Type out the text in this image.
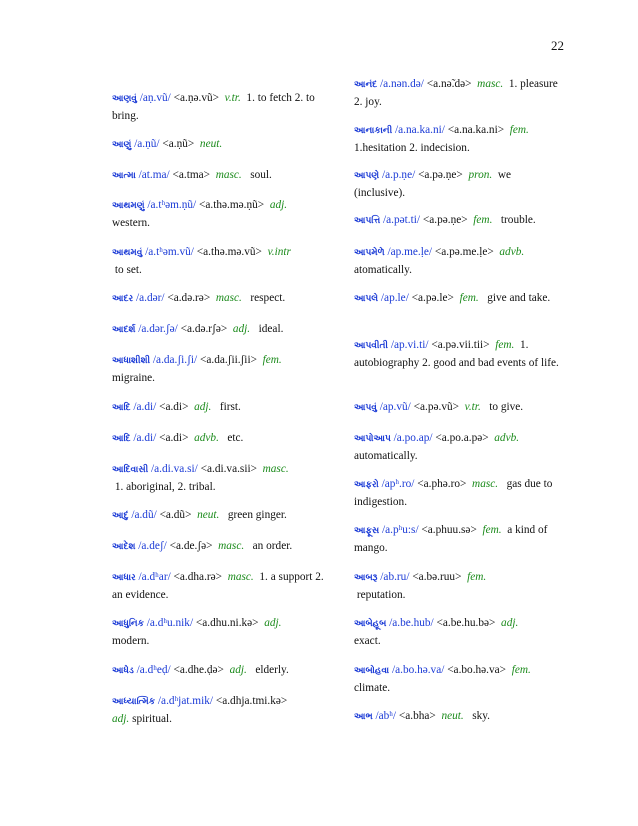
22
આણવું /aṇ.vũ/ <a.ṇə.vũ> v.tr. 1. to fetch 2. to bring.
આણું /a.ṇũ/ <a.ṇũ> neut.
આત્મા /at.ma/ <a.tma> masc. soul.
આથમણું /a.tʰəm.ṇũ/ <a.thə.mə.ṇũ> adj.
western.
આથમવું /a.tʰəm.vũ/ <a.thə.mə.vũ> v.intr
to set.
આદર /a.dər/ <a.də.rə> masc. respect.
આદર્શ /a.dər.ʃə/ <a.də.rʃə> adj. ideal.
આધાશીશી /a.da.ʃi.ʃi/ <a.da.ʃii.ʃii> fem.
migraine.
આદિ /a.di/ <a.di> adj. first.
આદિ /a.di/ <a.di> advb. etc.
આદિવાસી /a.di.va.si/ <a.di.va.sii> masc.
1. aboriginal, 2. tribal.
આદું /a.dũ/ <a.dũ> neut. green ginger.
આદેશ /a.deʃ/ <a.de.ʃə> masc. an order.
આધાર /a.dʰar/ <a.dha.rə> masc. 1. a support 2. an evidence.
આધુનિક /a.dʰu.nik/ <a.dhu.ni.kə> adj.
modern.
આધેડ /a.dʰeḍ/ <a.dhe.ḍə> adj. elderly.
આધ્યાત્મિક /a.dʰjat.mik/ <a.dhja.tmi.kə>
adj. spiritual.
આનંદ /a.nən.də/ <a.nə̃.də> masc. 1. pleasure 2. joy.
આનાકાની /a.na.ka.ni/ <a.na.ka.ni> fem.
1.hesitation 2. indecision.
આપણે /a.p.ṇe/ <a.pə.ṇe> pron. we (inclusive).
આપત્તિ /a.pət.ti/ <a.pə.ṇe> fem. trouble.
આપમેળે /ap.me.ḷe/ <a.pə.me.ḷe> advb.
atomatically.
આપલે /ap.le/ <a.pə.le> fem. give and take.
આપવીતી /ap.vi.ti/ <a.pə.vii.tii> fem. 1. autobiography 2. good and bad events of life.
આપવું /ap.vũ/ <a.pə.vũ> v.tr. to give.
આપોઆપ /a.po.ap/ <a.po.a.pə> advb.
automatically.
આફરો /apʰ.ro/ <a.phə.ro> masc. gas due to indigestion.
આફૂસ /a.pʰu:s/ <a.phuu.sə> fem. a kind of mango.
આબરૂ /ab.ru/ <a.bə.ruu> fem.
reputation.
આબેહૂબ /a.be.hub/ <a.be.hu.bə> adj.
exact.
આબોહવા /a.bo.hə.va/ <a.bo.hə.va> fem.
climate.
આભ /abʰ/ <a.bha> neut. sky.
